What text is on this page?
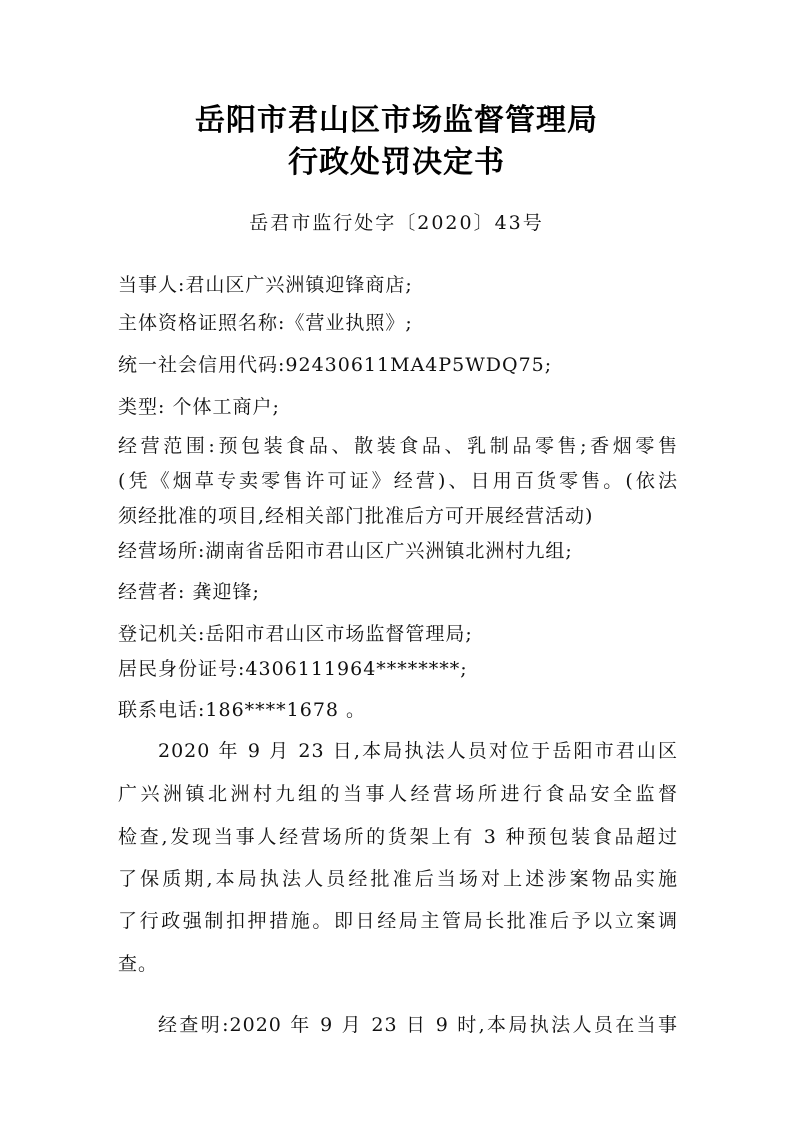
岳阳市君山区市场监督管理局
行政处罚决定书
岳君市监行处字〔2020〕43号
当事人:君山区广兴洲镇迎锋商店;
主体资格证照名称:《营业执照》;
统一社会信用代码:92430611MA4P5WDQ75;
类型: 个体工商户;
经营范围:预包装食品、散装食品、乳制品零售;香烟零售
(凭《烟草专卖零售许可证》经营)、日用百货零售。(依法
须经批准的项目,经相关部门批准后方可开展经营活动)
经营场所:湖南省岳阳市君山区广兴洲镇北洲村九组;
经营者: 龚迎锋;
登记机关:岳阳市君山区市场监督管理局;
居民身份证号:4306111964********;
联系电话:186****1678 。
2020 年 9 月 23 日,本局执法人员对位于岳阳市君山区
广兴洲镇北洲村九组的当事人经营场所进行食品安全监督
检查,发现当事人经营场所的货架上有 3 种预包装食品超过
了保质期,本局执法人员经批准后当场对上述涉案物品实施
了行政强制扣押措施。即日经局主管局长批准后予以立案调
查。
经查明:2020 年 9 月 23 日 9 时,本局执法人员在当事
